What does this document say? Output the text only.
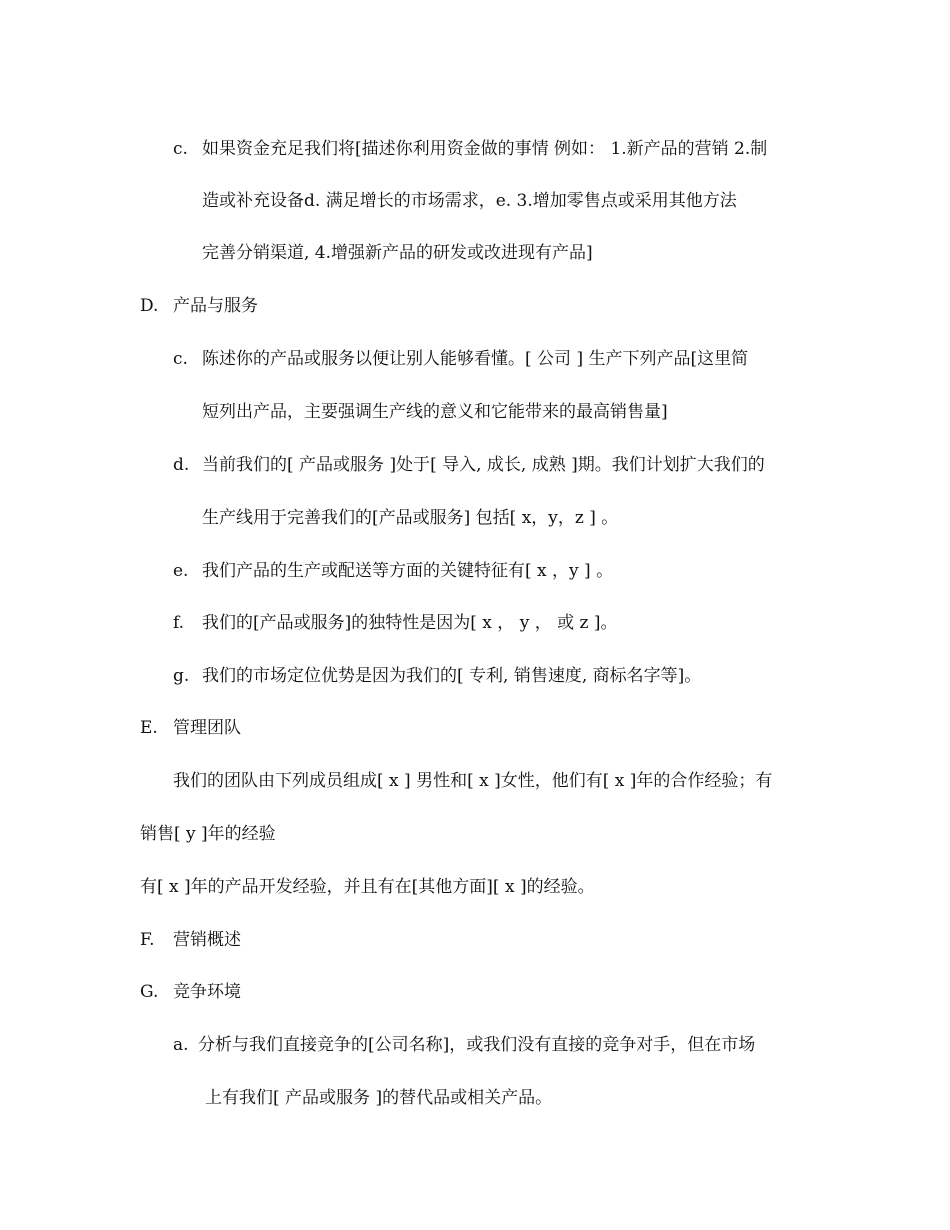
c. 如果资金充足我们将[描述你利用资金做的事情 例如： 1.新产品的营销 2.制
造或补充设备d. 满足增长的市场需求，e. 3.增加零售点或采用其他方法
完善分销渠道, 4.增强新产品的研发或改进现有产品]
D. 产品与服务
c. 陈述你的产品或服务以便让别人能够看懂。[ 公司 ] 生产下列产品[这里简
短列出产品，主要强调生产线的意义和它能带来的最高销售量]
d. 当前我们的[ 产品或服务 ]处于[ 导入, 成长, 成熟 ]期。我们计划扩大我们的
生产线用于完善我们的[产品或服务] 包括[ x，y，z ] 。
e. 我们产品的生产或配送等方面的关键特征有[ x ，y ] 。
f. 我们的[产品或服务]的独特性是因为[ x ， y ， 或 z ]。
g. 我们的市场定位优势是因为我们的[ 专利, 销售速度, 商标名字等]。
E. 管理团队
我们的团队由下列成员组成[ x ] 男性和[ x ]女性，他们有[ x ]年的合作经验；有
销售[ y ]年的经验
有[ x ]年的产品开发经验，并且有在[其他方面][ x ]的经验。
F. 营销概述
G. 竞争环境
a. 分析与我们直接竞争的[公司名称]，或我们没有直接的竞争对手，但在市场
上有我们[ 产品或服务 ]的替代品或相关产品。
